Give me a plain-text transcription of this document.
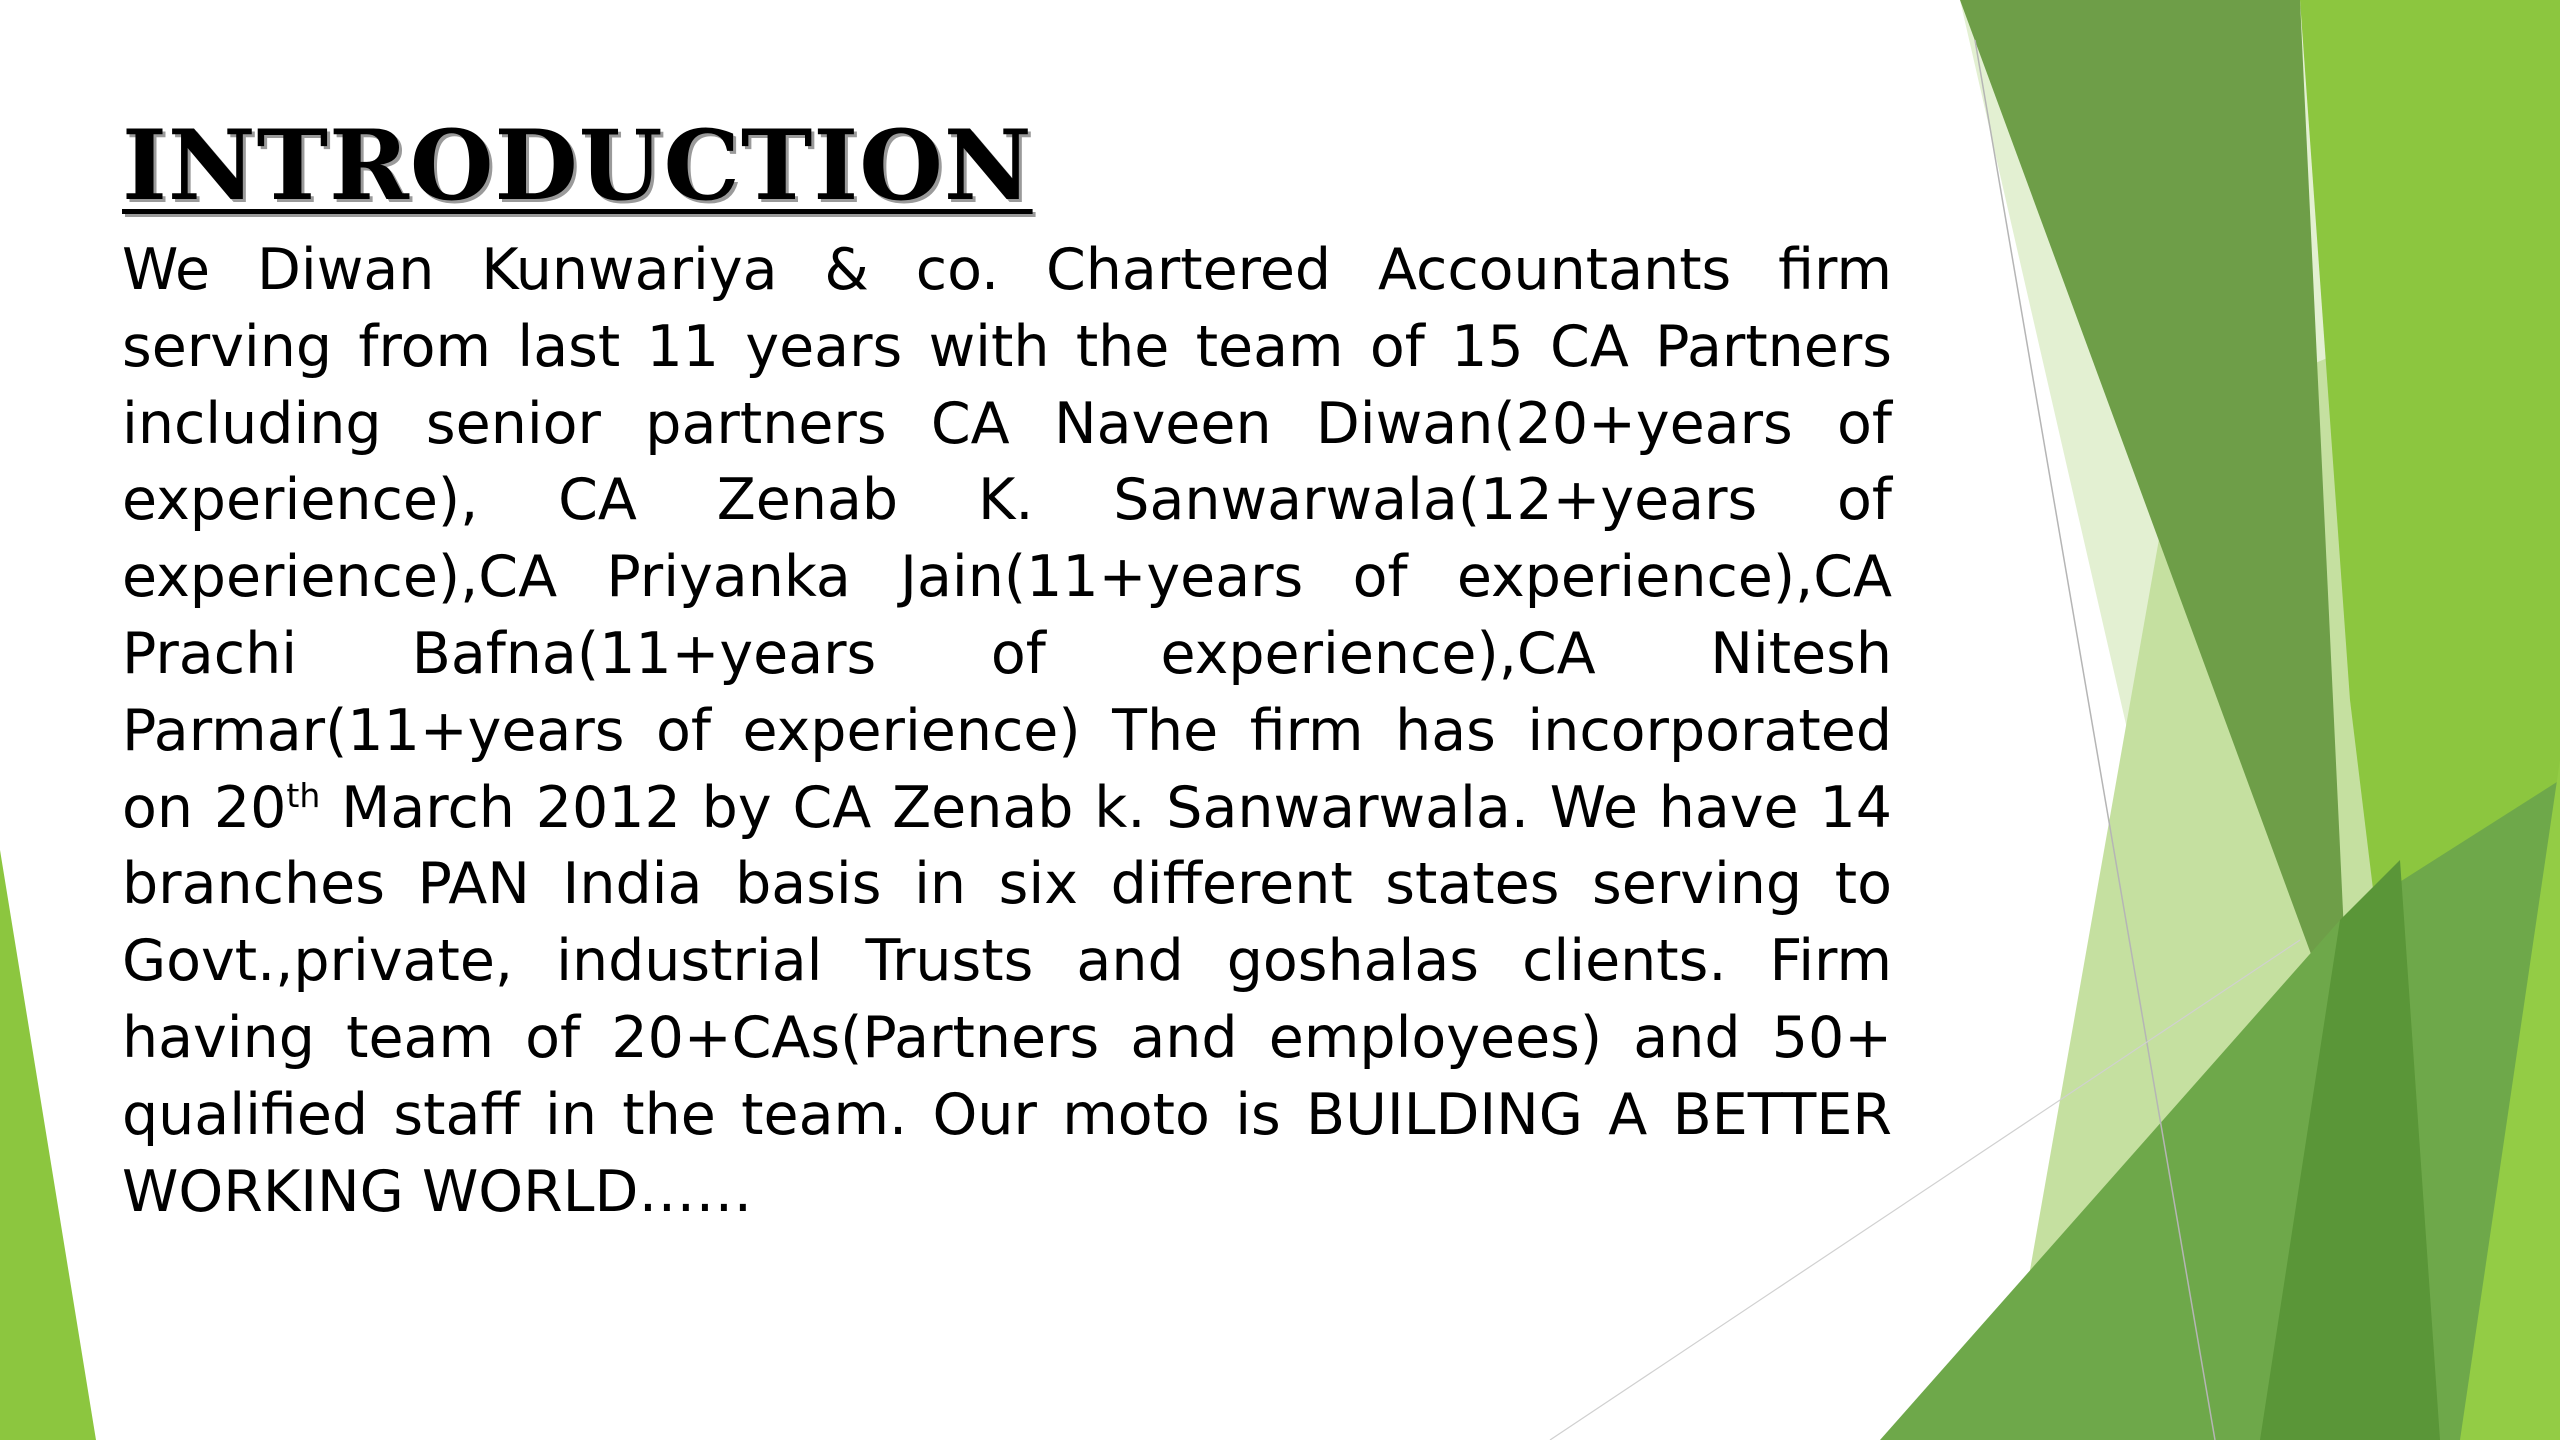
INTRODUCTION

We Diwan Kunwariya & co. Chartered Accountants firm serving from last 11 years with the team of 15 CA Partners including senior partners CA Naveen Diwan(20+years of experience), CA Zenab K. Sanwarwala(12+years of experience),CA Priyanka Jain(11+years of experience),CA Prachi Bafna(11+years of experience),CA Nitesh Parmar(11+years of experience) The firm has incorporated on 20th March 2012 by CA Zenab k. Sanwarwala. We have 14 branches PAN India basis in six different states serving to Govt.,private, industrial Trusts and goshalas clients. Firm having team of 20+CAs(Partners and employees) and 50+ qualified staff in the team. Our moto is BUILDING A BETTER WORKING WORLD……
